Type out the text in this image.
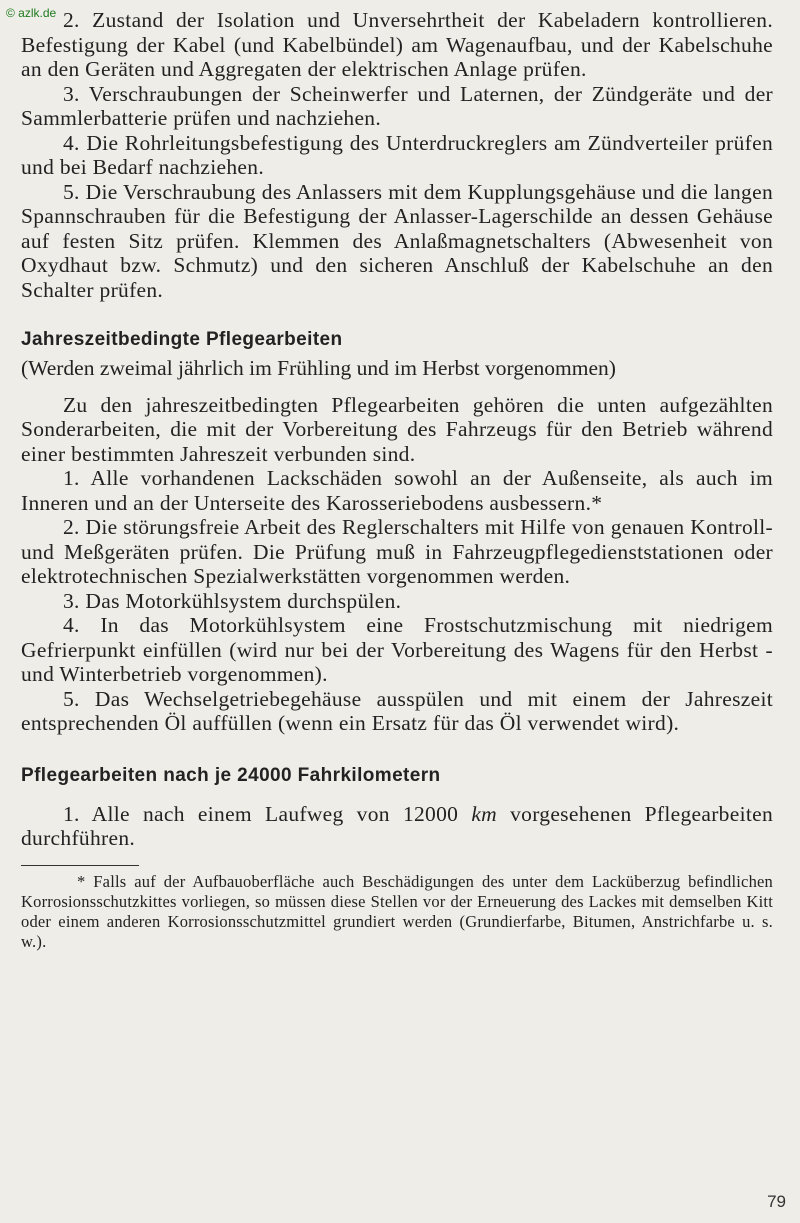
© azlk.de 2. Zustand der Isolation und Unversehrtheit der Kabeladern kontrollieren. Befestigung der Kabel (und Kabelbündel) am Wagenaufbau, und der Kabelschuhe an den Geräten und Aggregaten der elektrischen Anlage prüfen.

3. Verschraubungen der Scheinwerfer und Laternen, der Zündgeräte und der Sammlerbatterie prüfen und nachziehen.

4. Die Rohrleitungsbefestigung des Unterdruckreglers am Zündverteiler prüfen und bei Bedarf nachziehen.

5. Die Verschraubung des Anlassers mit dem Kupplungsgehäuse und die langen Spannschrauben für die Befestigung der Anlasser-Lagerschilde an dessen Gehäuse auf festen Sitz prüfen. Klemmen des Anlaßmagnetschalters (Abwesenheit von Oxydhaut bzw. Schmutz) und den sicheren Anschluß der Kabelschuhe an den Schalter prüfen.

Jahreszeitbedingte Pflegearbeiten

(Werden zweimal jährlich im Frühling und im Herbst vorgenommen)

Zu den jahreszeitbedingten Pflegearbeiten gehören die unten aufgezählten Sonderarbeiten, die mit der Vorbereitung des Fahrzeugs für den Betrieb während einer bestimmten Jahreszeit verbunden sind.

1. Alle vorhandenen Lackschäden sowohl an der Außenseite, als auch im Inneren und an der Unterseite des Karosseriebodens ausbessern.*

2. Die störungsfreie Arbeit des Reglerschalters mit Hilfe von genauen Kontroll- und Meßgeräten prüfen. Die Prüfung muß in Fahrzeugpflegedienststationen oder elektrotechnischen Spezialwerkstätten vorgenommen werden.

3. Das Motorkühlsystem durchspülen.

4. In das Motorkühlsystem eine Frostschutzmischung mit niedrigem Gefrierpunkt einfüllen (wird nur bei der Vorbereitung des Wagens für den Herbst - und Winterbetrieb vorgenommen).

5. Das Wechselgetriebegehäuse ausspülen und mit einem der Jahreszeit entsprechenden Öl auffüllen (wenn ein Ersatz für das Öl verwendet wird).

Pflegearbeiten nach je 24000 Fahrkilometern

1. Alle nach einem Laufweg von 12000 km vorgesehenen Pflegearbeiten durchführen.

* Falls auf der Aufbauoberfläche auch Beschädigungen des unter dem Lacküberzug befindlichen Korrosionsschutzkittes vorliegen, so müssen diese Stellen vor der Erneuerung des Lackes mit demselben Kitt oder einem anderen Korrosionsschutzmittel grundiert werden (Grundierfarbe, Bitumen, Anstrichfarbe u. s. w.).

79
